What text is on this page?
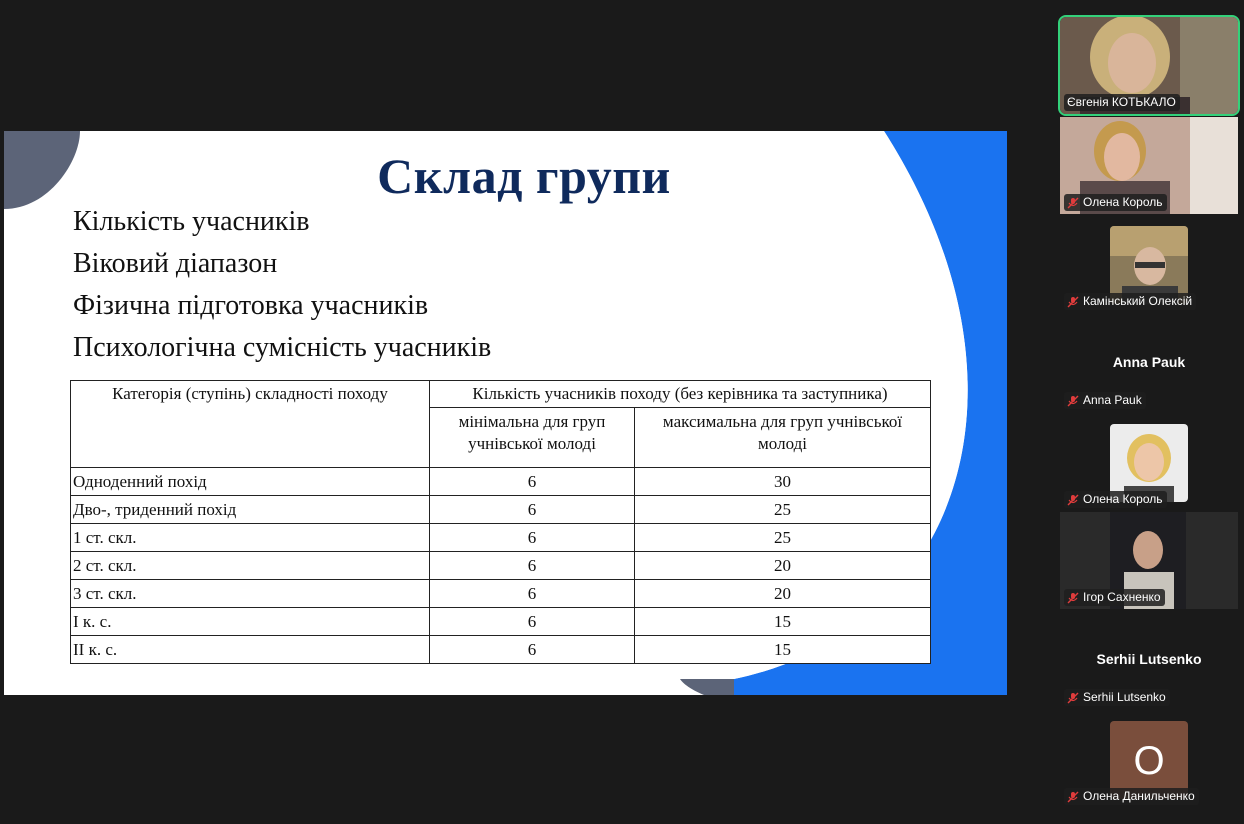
Склад групи
Кількість учасників
Віковий діапазон
Фізична підготовка учасників
Психологічна сумісність учасників
Категорія (ступінь) складності походу	Кількість учасників походу (без керівника та заступника)	
	мінімальна для груп учнівської молоді	максимальна для груп учнівської молоді
Одноденний похід	6	30
Дво-, триденний похід	6	25
1 ст. скл.	6	25
2 ст. скл.	6	20
3 ст. скл.	6	20
I к. с.	6	15
II к. с.	6	15
Євгенія КОТЬКАЛО
Олена Король
Камінський Олексій
Anna Pauk
Anna Pauk
Олена Король
Ігор Сахненко
Serhii Lutsenko
Serhii Lutsenko
О
Олена Данильченко
